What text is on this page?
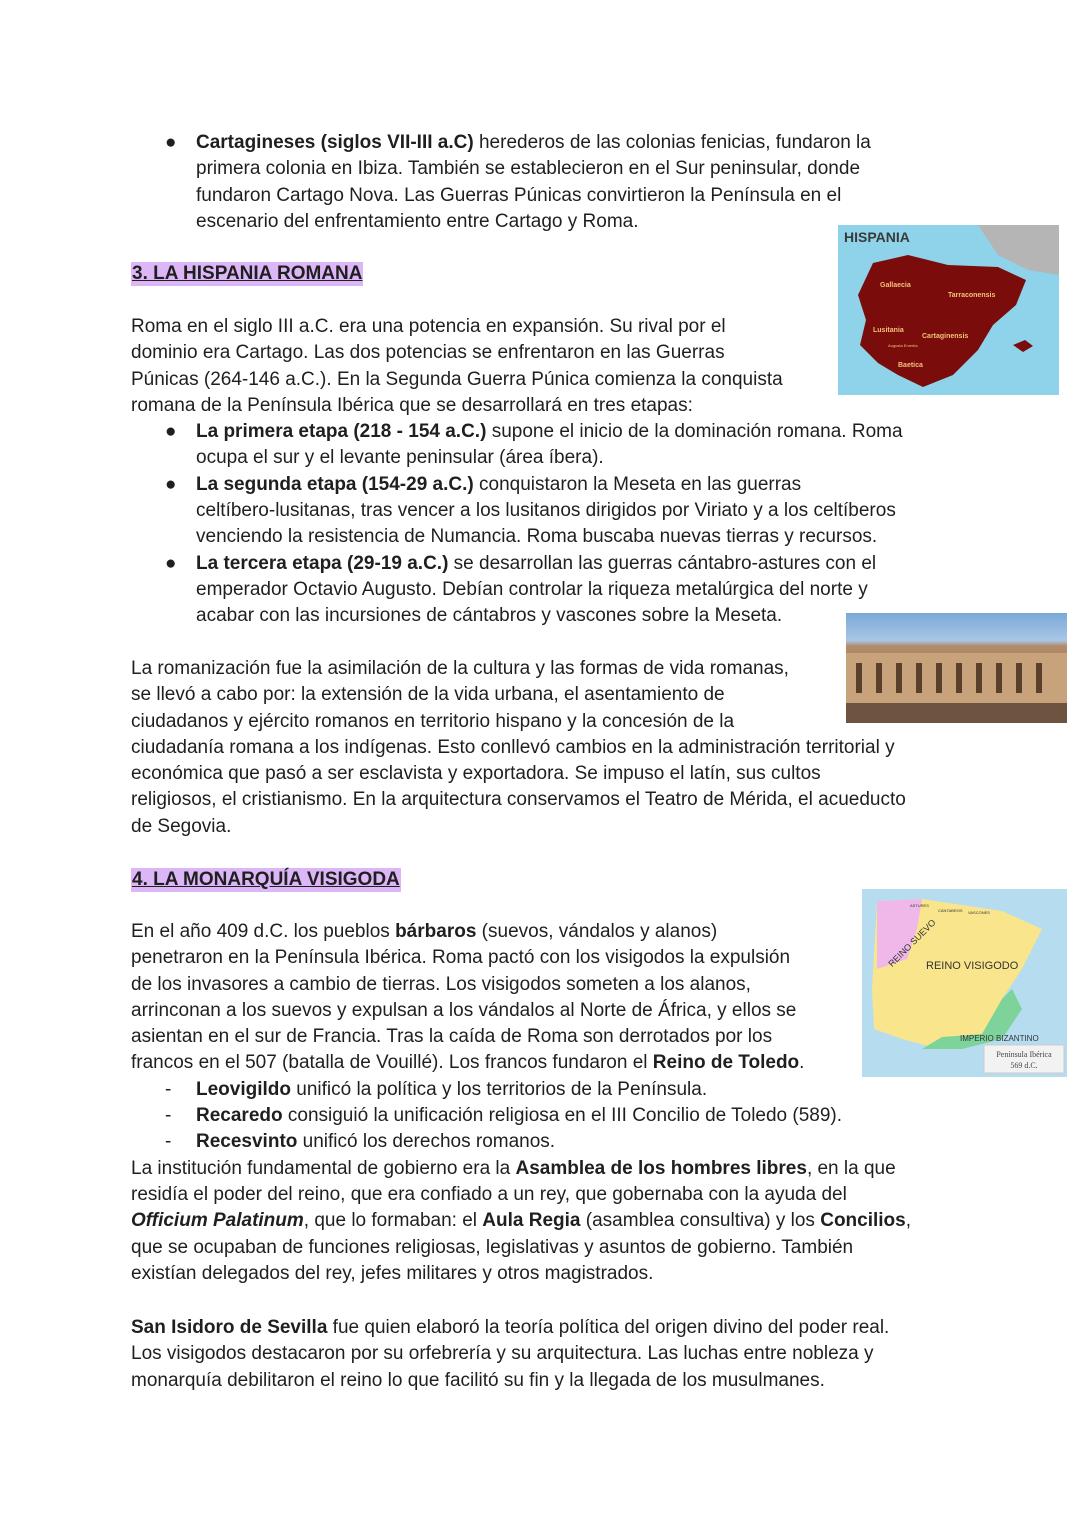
● Cartagineses (siglos VII-III a.C) herederos de las colonias fenicias, fundaron la
primera colonia en Ibiza. También se establecieron en el Sur peninsular, donde
fundaron Cartago Nova. Las Guerras Púnicas convirtieron la Península en el
escenario del enfrentamiento entre Cartago y Roma.
Roma en el siglo III a.C. era una potencia en expansión. Su rival por el
dominio era Cartago. Las dos potencias se enfrentaron en las Guerras
Púnicas (264-146 a.C.). En la Segunda Guerra Púnica comienza la conquista
romana de la Península Ibérica que se desarrollará en tres etapas:
● La primera etapa (218 - 154 a.C.) supone el inicio de la dominación romana. Roma
ocupa el sur y el levante peninsular (área íbera).
● La segunda etapa (154-29 a.C.) conquistaron la Meseta en las guerras
celtíbero-lusitanas, tras vencer a los lusitanos dirigidos por Viriato y a los celtíberos
venciendo la resistencia de Numancia. Roma buscaba nuevas tierras y recursos.
● La tercera etapa (29-19 a.C.) se desarrollan las guerras cántabro-astures con el
emperador Octavio Augusto. Debían controlar la riqueza metalúrgica del norte y
acabar con las incursiones de cántabros y vascones sobre la Meseta.
La romanización fue la asimilación de la cultura y las formas de vida romanas,
se llevó a cabo por: la extensión de la vida urbana, el asentamiento de
ciudadanos y ejército romanos en territorio hispano y la concesión de la
ciudadanía romana a los indígenas. Esto conllevó cambios en la administración territorial y
económica que pasó a ser esclavista y exportadora. Se impuso el latín, sus cultos
religiosos, el cristianismo. En la arquitectura conservamos el Teatro de Mérida, el acueducto
de Segovia.
En el año 409 d.C. los pueblos bárbaros (suevos, vándalos y alanos)
penetraron en la Península Ibérica. Roma pactó con los visigodos la expulsión
de los invasores a cambio de tierras. Los visigodos someten a los alanos,
arrinconan a los suevos y expulsan a los vándalos al Norte de África, y ellos se
asientan en el sur de Francia. Tras la caída de Roma son derrotados por los
francos en el 507 (batalla de Vouillé). Los francos fundaron el Reino de Toledo.
- Leovigildo unificó la política y los territorios de la Península.
- Recaredo consiguió la unificación religiosa en el III Concilio de Toledo (589).
- Recesvinto unificó los derechos romanos.
La institución fundamental de gobierno era la Asamblea de los hombres libres, en la que
residía el poder del reino, que era confiado a un rey, que gobernaba con la ayuda del
Officium Palatinum, que lo formaban: el Aula Regia (asamblea consultiva) y los Concilios,
que se ocupaban de funciones religiosas, legislativas y asuntos de gobierno. También
existían delegados del rey, jefes militares y otros magistrados.
San Isidoro de Sevilla fue quien elaboró la teoría política del origen divino del poder real.
Los visigodos destacaron por su orfebrería y su arquitectura. Las luchas entre nobleza y
monarquía debilitaron el reino lo que facilitó su fin y la llegada de los musulmanes.
3. LA HISPANIA ROMANA
4. LA MONARQUÍA VISIGODA
Gallaecia
Tarraconensis
Lusitania
Cartaginensis
Augusta Emerita
Baetica
HISPANIA
REINO SUEVO
REINO VISIGODO
IMPERIO BIZANTINO
ASTURES
CÁNTABROS VASCONES
Península Ibérica
569 d.C.
